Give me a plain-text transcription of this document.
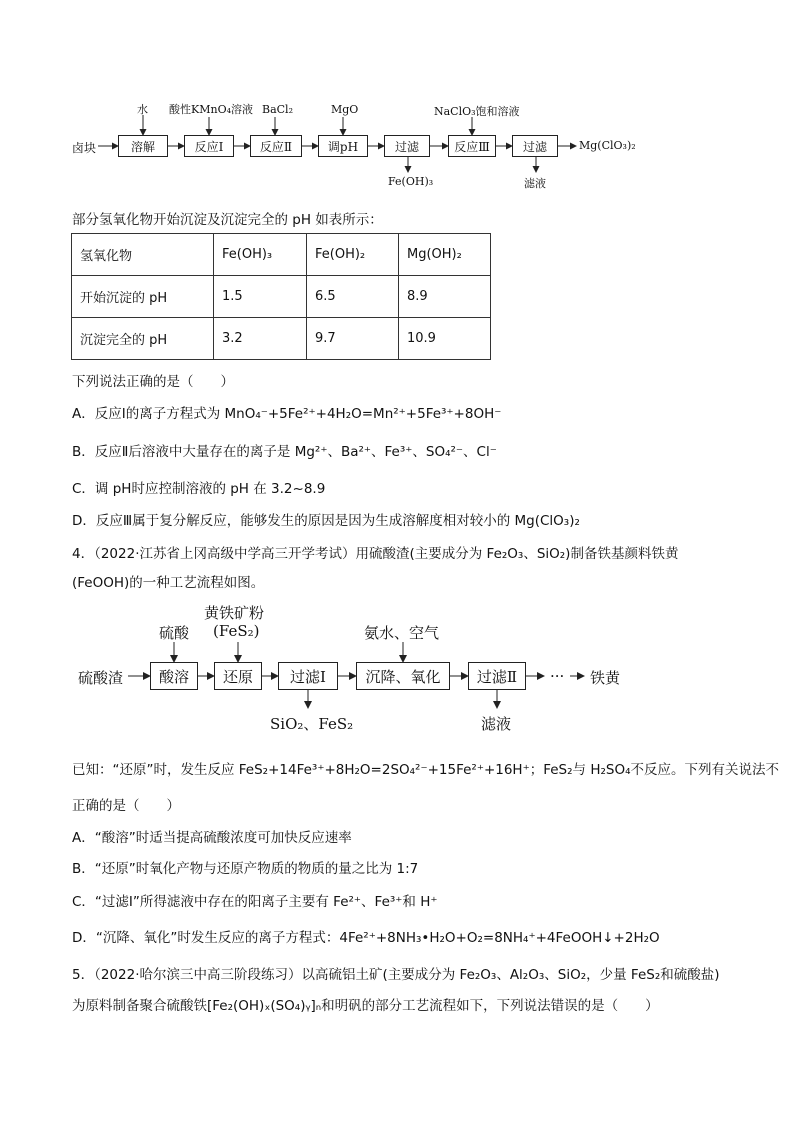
卤块	溶解	反应Ⅰ	反应Ⅱ	调pH	过滤	反应Ⅲ	过滤
水 酸性KMnO₄溶液 BaCl₂	MgO	NaClO₃饱和溶液
Fe(OH)₃	滤液
Mg(ClO₃)₂
部分氢氧化物开始沉淀及沉淀完全的 pH 如表所示：
氢氧化物	Fe(OH)₃	Fe(OH)₂	Mg(OH)₂
开始沉淀的 pH	1.5	6.5	8.9
沉淀完全的 pH	3.2	9.7	10.9
下列说法正确的是（　　）
A．反应Ⅰ的离子方程式为 MnO₄⁻+5Fe²⁺+4H₂O=Mn²⁺+5Fe³⁺+8OH⁻
B．反应Ⅱ后溶液中大量存在的离子是 Mg²⁺、Ba²⁺、Fe³⁺、SO₄²⁻、Cl⁻
C．调 pH时应控制溶液的 pH 在 3.2~8.9
D．反应Ⅲ属于复分解反应，能够发生的原因是因为生成溶解度相对较小的 Mg(ClO₃)₂
4．（2022·江苏省上冈高级中学高三开学考试）用硫酸渣(主要成分为 Fe₂O₃、SiO₂)制备铁基颜料铁黄
(FeOOH)的一种工艺流程如图。
硫酸渣	酸溶	还原	过滤Ⅰ	沉降、氧化	过滤Ⅱ
硫酸
黄铁矿粉
(FeS₂)	氨水、空气
SiO₂、FeS₂	滤液
··· 铁黄
已知：“还原”时，发生反应 FeS₂+14Fe³⁺+8H₂O=2SO₄²⁻+15Fe²⁺+16H⁺；FeS₂与 H₂SO₄不反应。下列有关说法不
正确的是（　　）
A．“酸溶”时适当提高硫酸浓度可加快反应速率
B．“还原”时氧化产物与还原产物质的物质的量之比为 1:7
C．“过滤Ⅰ”所得滤液中存在的阳离子主要有 Fe²⁺、Fe³⁺和 H⁺
D．“沉降、氧化”时发生反应的离子方程式：4Fe²⁺+8NH₃•H₂O+O₂=8NH₄⁺+4FeOOH↓+2H₂O
5．（2022·哈尔滨三中高三阶段练习）以高硫铝土矿(主要成分为 Fe₂O₃、Al₂O₃、SiO₂，少量 FeS₂和硫酸盐)
为原料制备聚合硫酸铁[Fe₂(OH)ₓ(SO₄)ᵧ]ₙ和明矾的部分工艺流程如下，下列说法错误的是（　　）
